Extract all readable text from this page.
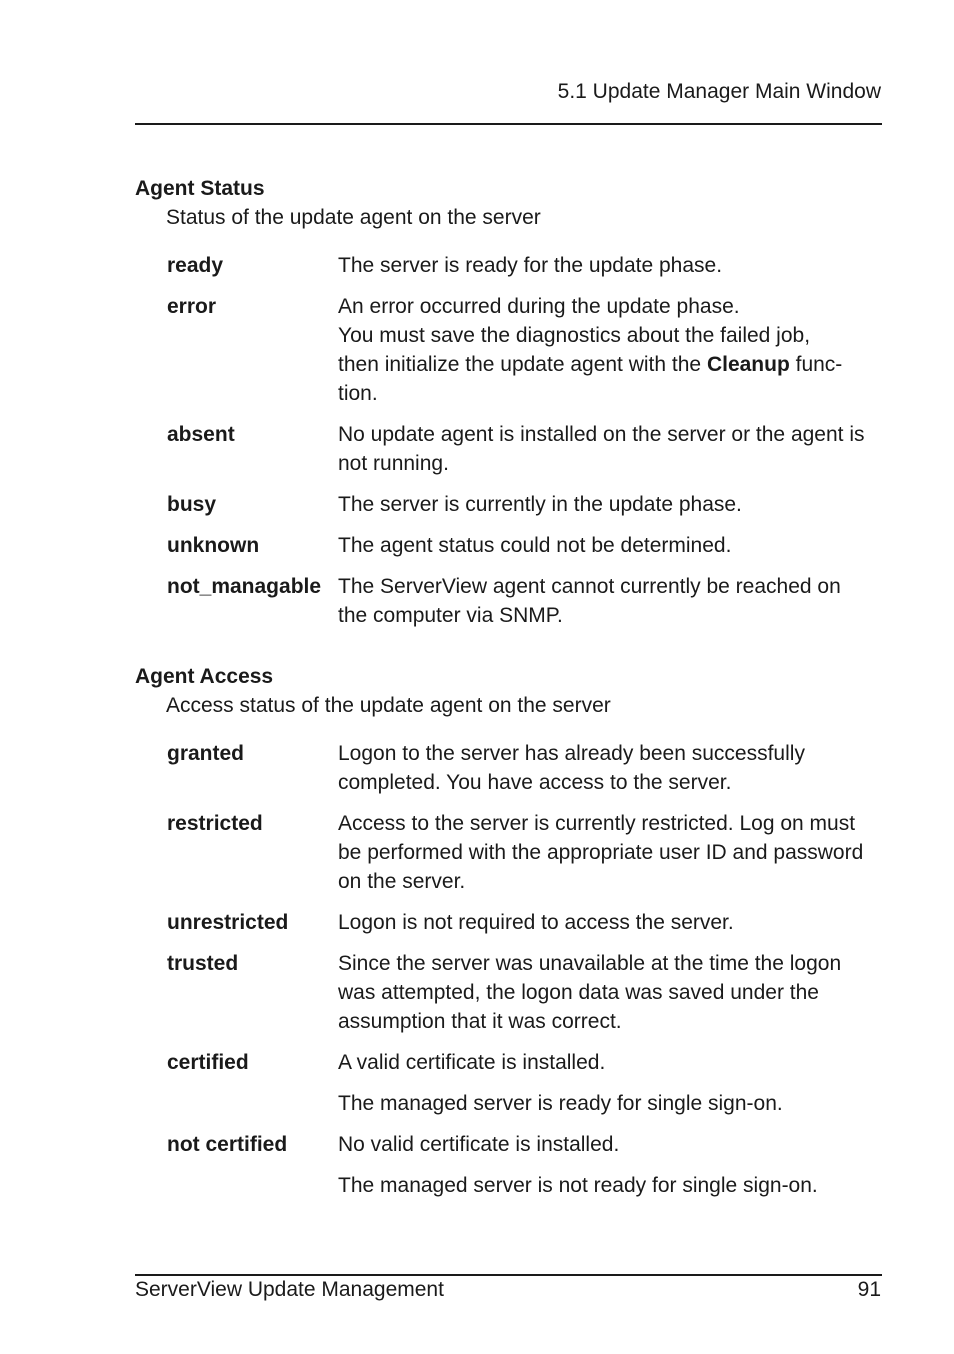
5.1 Update Manager Main Window

Agent Status

Status of the update agent on the server

ready	The server is ready for the update phase.

error	An error occurred during the update phase.

You must save the diagnostics about the failed job,

then initialize the update agent with the Cleanup func-

tion.

absent	No update agent is installed on the server or the agent is not running.

busy	The server is currently in the update phase.

unknown	The agent status could not be determined.

not_managable The ServerView agent cannot currently be reached on the computer via SNMP.

Agent Access

Access status of the update agent on the server

granted	Logon to the server has already been successfully completed. You have access to the server.

restricted	Access to the server is currently restricted. Log on must be performed with the appropriate user ID and password on the server.

unrestricted	Logon is not required to access the server.

trusted	Since the server was unavailable at the time the logon was attempted, the logon data was saved under the assumption that it was correct.

certified	A valid certificate is installed.

The managed server is ready for single sign-on.

not certified	No valid certificate is installed.

The managed server is not ready for single sign-on.

ServerView Update Management	91
